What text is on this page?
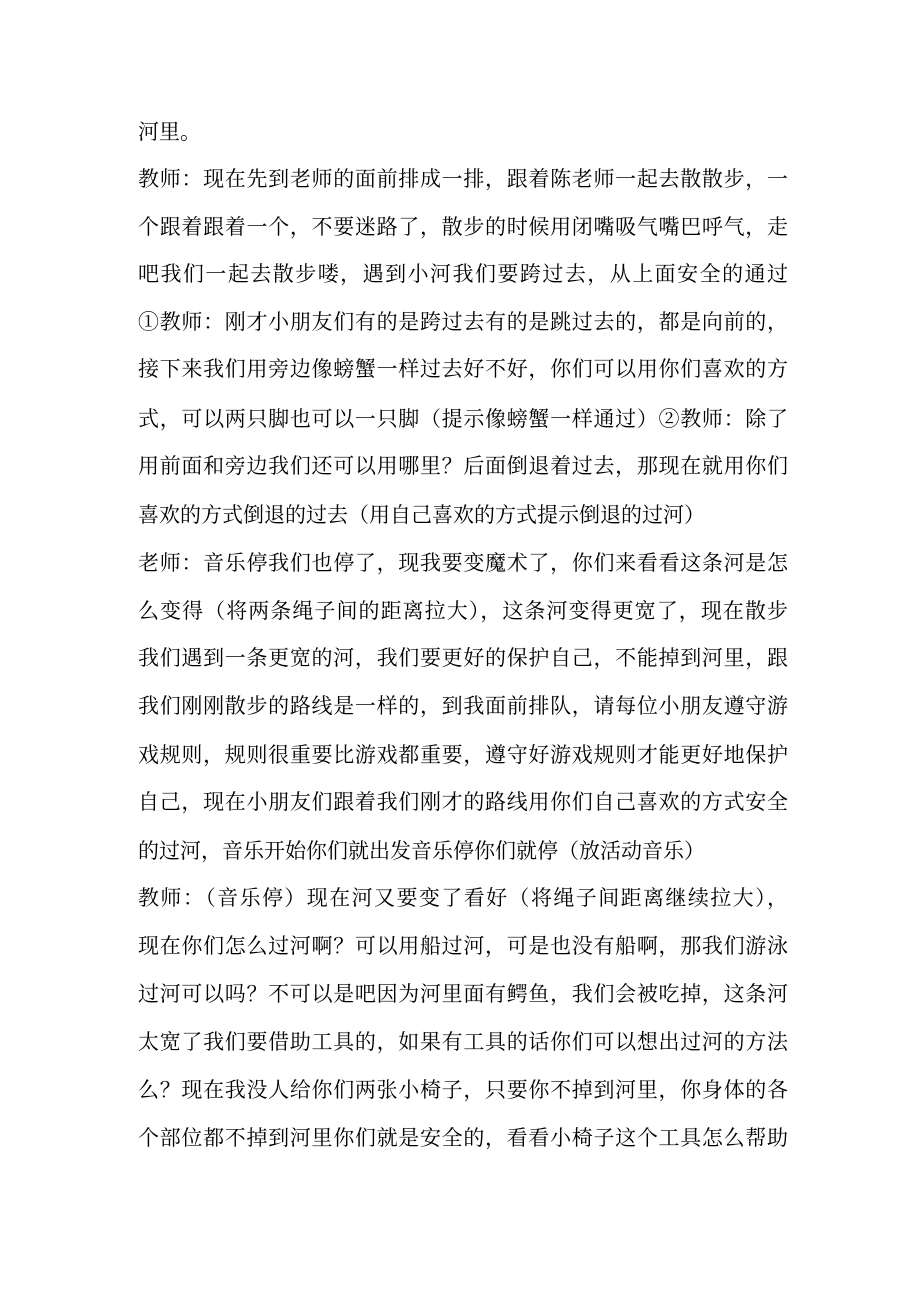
河里。
教师：现在先到老师的面前排成一排，跟着陈老师一起去散散步，一
个跟着跟着一个，不要迷路了，散步的时候用闭嘴吸气嘴巴呼气，走
吧我们一起去散步喽，遇到小河我们要跨过去，从上面安全的通过
①教师：刚才小朋友们有的是跨过去有的是跳过去的，都是向前的，
接下来我们用旁边像螃蟹一样过去好不好，你们可以用你们喜欢的方
式，可以两只脚也可以一只脚（提示像螃蟹一样通过）②教师：除了
用前面和旁边我们还可以用哪里？后面倒退着过去，那现在就用你们
喜欢的方式倒退的过去（用自己喜欢的方式提示倒退的过河）
老师：音乐停我们也停了，现我要变魔术了，你们来看看这条河是怎
么变得（将两条绳子间的距离拉大），这条河变得更宽了，现在散步
我们遇到一条更宽的河，我们要更好的保护自己，不能掉到河里，跟
我们刚刚散步的路线是一样的，到我面前排队，请每位小朋友遵守游
戏规则，规则很重要比游戏都重要，遵守好游戏规则才能更好地保护
自己，现在小朋友们跟着我们刚才的路线用你们自己喜欢的方式安全
的过河，音乐开始你们就出发音乐停你们就停（放活动音乐）
教师：（音乐停）现在河又要变了看好（将绳子间距离继续拉大），
现在你们怎么过河啊？可以用船过河，可是也没有船啊，那我们游泳
过河可以吗？不可以是吧因为河里面有鳄鱼，我们会被吃掉，这条河
太宽了我们要借助工具的，如果有工具的话你们可以想出过河的方法
么？现在我没人给你们两张小椅子，只要你不掉到河里，你身体的各
个部位都不掉到河里你们就是安全的，看看小椅子这个工具怎么帮助
